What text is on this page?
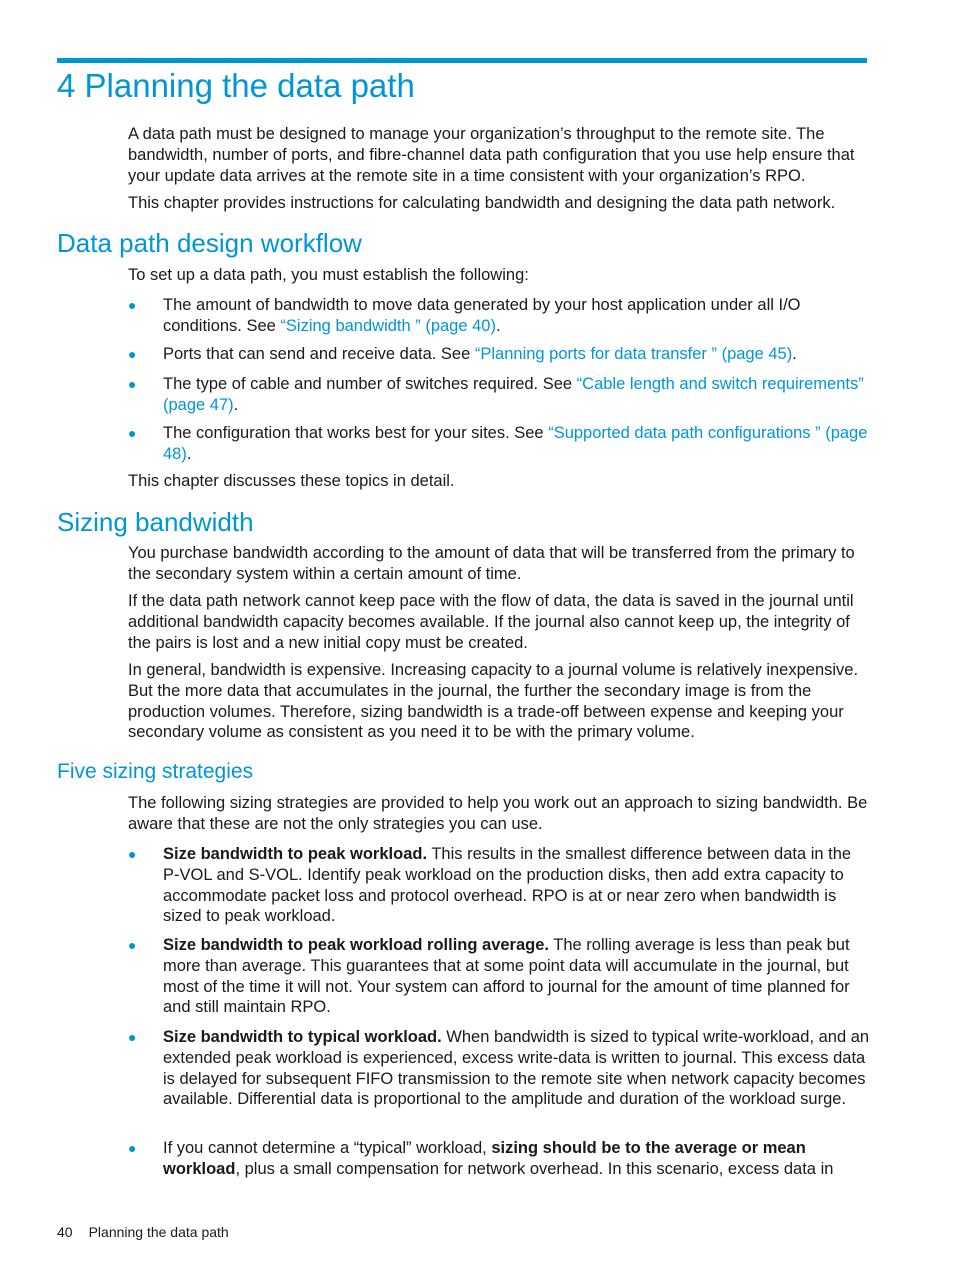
4 Planning the data path

A data path must be designed to manage your organization’s throughput to the remote site. The bandwidth, number of ports, and fibre-channel data path configuration that you use help ensure that your update data arrives at the remote site in a time consistent with your organization’s RPO.

This chapter provides instructions for calculating bandwidth and designing the data path network.

Data path design workflow

To set up a data path, you must establish the following:

● The amount of bandwidth to move data generated by your host application under all I/O conditions. See “Sizing bandwidth ” (page 40).

● Ports that can send and receive data. See “Planning ports for data transfer ” (page 45).

● The type of cable and number of switches required. See “Cable length and switch requirements” (page 47).

● The configuration that works best for your sites. See “Supported data path configurations ” (page 48).

This chapter discusses these topics in detail.

Sizing bandwidth

You purchase bandwidth according to the amount of data that will be transferred from the primary to the secondary system within a certain amount of time.

If the data path network cannot keep pace with the flow of data, the data is saved in the journal until additional bandwidth capacity becomes available. If the journal also cannot keep up, the integrity of the pairs is lost and a new initial copy must be created.

In general, bandwidth is expensive. Increasing capacity to a journal volume is relatively inexpensive. But the more data that accumulates in the journal, the further the secondary image is from the production volumes. Therefore, sizing bandwidth is a trade-off between expense and keeping your secondary volume as consistent as you need it to be with the primary volume.

Five sizing strategies

The following sizing strategies are provided to help you work out an approach to sizing bandwidth. Be aware that these are not the only strategies you can use.

● Size bandwidth to peak workload. This results in the smallest difference between data in the P-VOL and S-VOL. Identify peak workload on the production disks, then add extra capacity to accommodate packet loss and protocol overhead. RPO is at or near zero when bandwidth is sized to peak workload.

● Size bandwidth to peak workload rolling average. The rolling average is less than peak but more than average. This guarantees that at some point data will accumulate in the journal, but most of the time it will not. Your system can afford to journal for the amount of time planned for and still maintain RPO.

● Size bandwidth to typical workload. When bandwidth is sized to typical write-workload, and an extended peak workload is experienced, excess write-data is written to journal. This excess data is delayed for subsequent FIFO transmission to the remote site when network capacity becomes available. Differential data is proportional to the amplitude and duration of the workload surge.

● If you cannot determine a “typical” workload, sizing should be to the average or mean workload, plus a small compensation for network overhead. In this scenario, excess data in

40 Planning the data path
